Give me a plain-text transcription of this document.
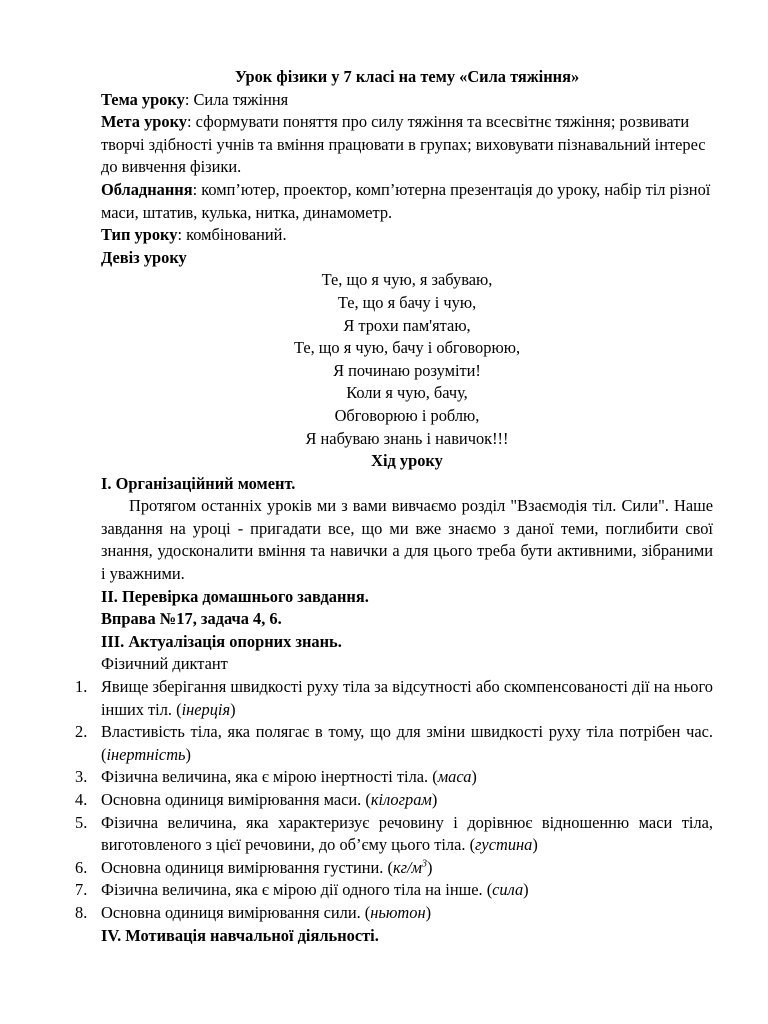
Урок фізики у 7 класі на тему «Сила тяжіння»

Тема уроку: Сила тяжіння

Мета уроку: сформувати поняття про силу тяжіння та всесвітнє тяжіння; розвивати творчі здібності учнів та вміння працювати в групах; виховувати пізнавальний інтерес до вивчення фізики.

Обладнання: комп’ютер, проектор, комп’ютерна презентація до уроку, набір тіл різної маси, штатив, кулька, нитка, динамометр.

Тип уроку: комбінований.

Девіз уроку

Те, що я чую, я забуваю,

Те, що я бачу і чую,

Я трохи пам'ятаю,

Те, що я чую, бачу і обговорюю,

Я починаю розуміти!

Коли я чую, бачу,

Обговорюю і роблю,

Я набуваю знань і навичок!!!

Хід уроку

І. Організаційний момент.

Протягом останніх уроків ми з вами вивчаємо розділ "Взаємодія тіл. Сили". Наше завдання на уроці - пригадати все, що ми вже знаємо з даної теми, поглибити свої знання, удосконалити вміння та навички а для цього треба бути активними, зібраними і уважними.

ІІ. Перевірка домашнього завдання.

Вправа №17, задача 4, 6.

ІІІ. Актуалізація опорних знань.

Фізичний диктант

1. Явище зберігання швидкості руху тіла за відсутності або скомпенсованості дії на нього інших тіл. (інерція)
2. Властивість тіла, яка полягає в тому, що для зміни швидкості руху тіла потрібен час. (інертність)
3. Фізична величина, яка є мірою інертності тіла. (маса)
4. Основна одиниця вимірювання маси. (кілограм)
5. Фізична величина, яка характеризує речовину і дорівнює відношенню маси тіла, виготовленого з цієї речовини, до об’єму цього тіла. (густина)
6. Основна одиниця вимірювання густини. $(кг/м^3)$
7. Фізична величина, яка є мірою дії одного тіла на інше. (сила)
8. Основна одиниця вимірювання сили. (ньютон)

IV. Мотивація навчальної діяльності.
